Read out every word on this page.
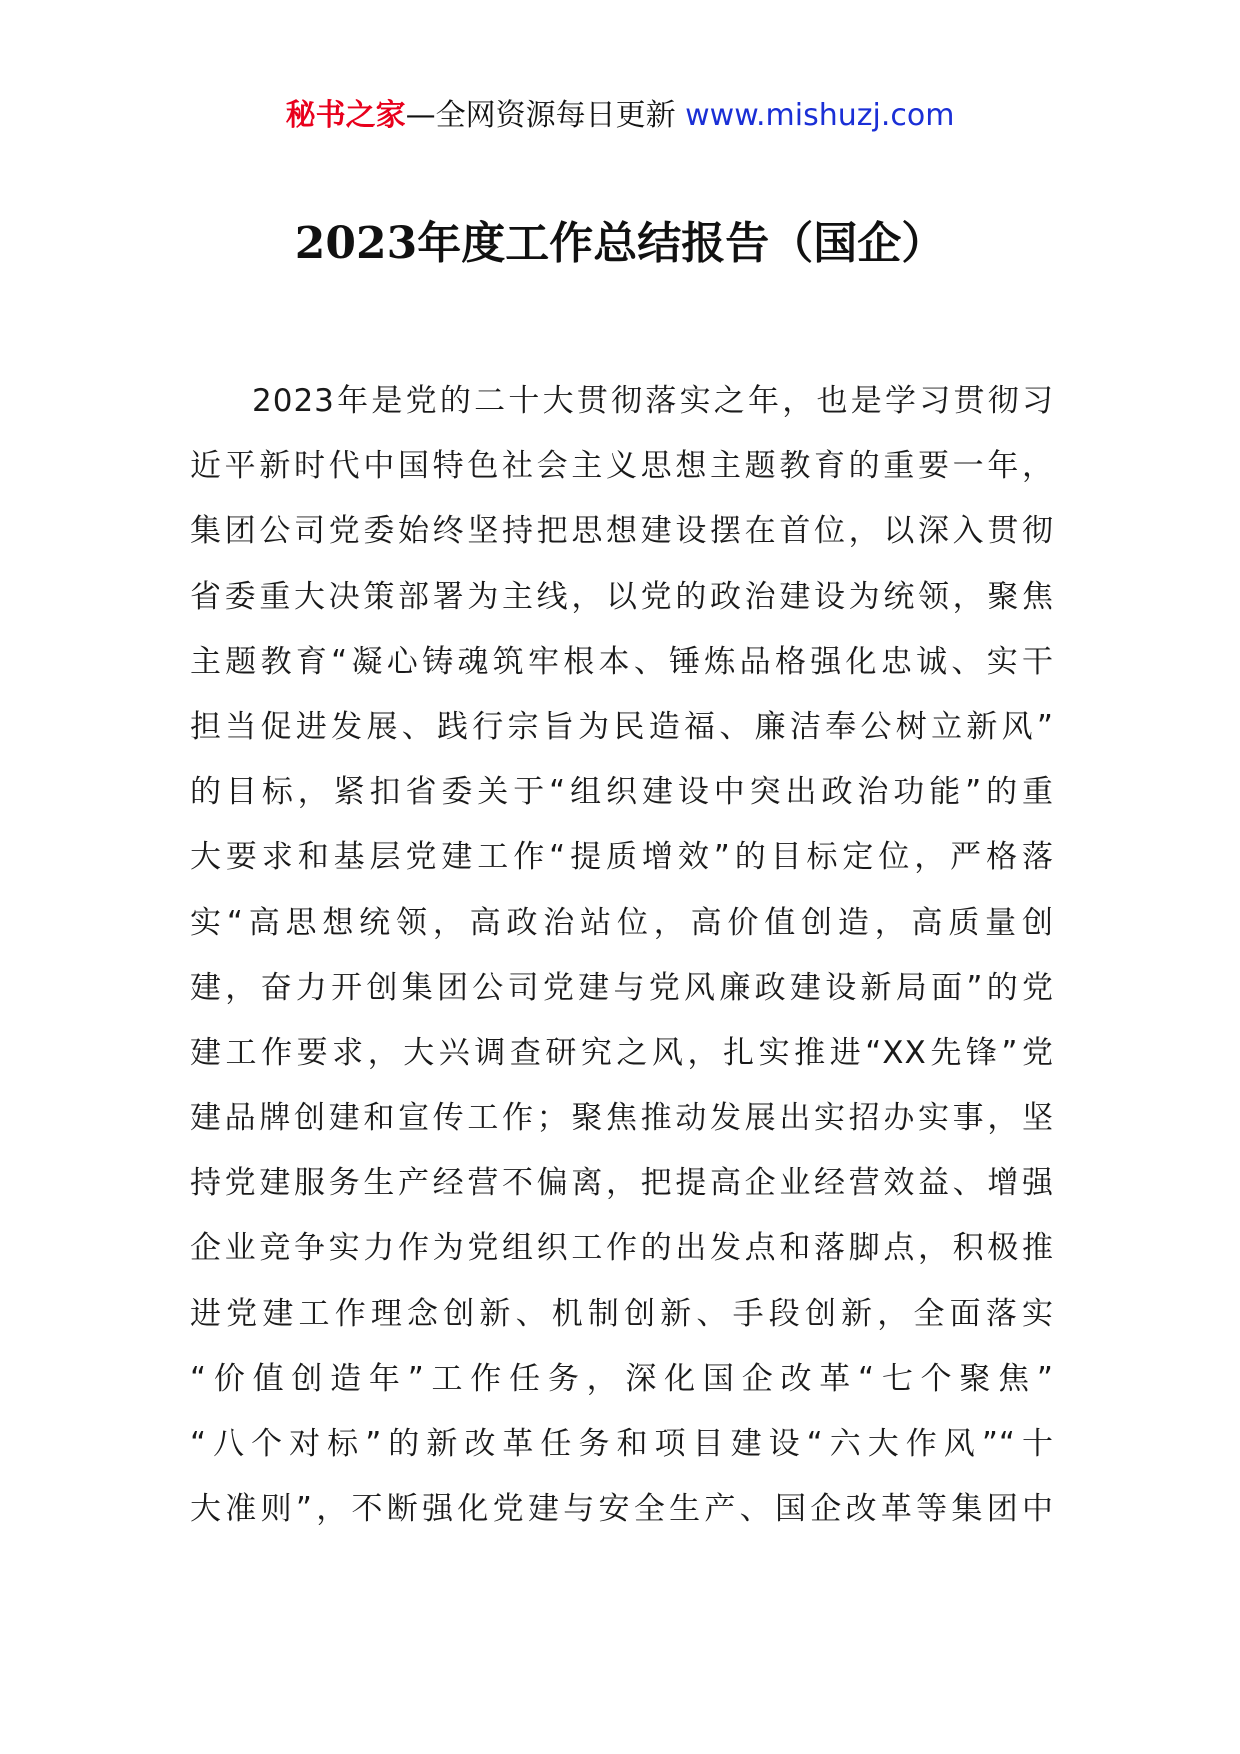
秘书之家—全网资源每日更新 www.mishuzj.com
2023年度工作总结报告（国企）
2023年是党的二十大贯彻落实之年，也是学习贯彻习
近平新时代中国特色社会主义思想主题教育的重要一年，
集团公司党委始终坚持把思想建设摆在首位，以深入贯彻
省委重大决策部署为主线，以党的政治建设为统领，聚焦
主题教育“凝心铸魂筑牢根本、锤炼品格强化忠诚、实干
担当促进发展、践行宗旨为民造福、廉洁奉公树立新风”
的目标，紧扣省委关于“组织建设中突出政治功能”的重
大要求和基层党建工作“提质增效”的目标定位，严格落
实“高思想统领，高政治站位，高价值创造，高质量创
建，奋力开创集团公司党建与党风廉政建设新局面”的党
建工作要求，大兴调查研究之风，扎实推进“XX先锋”党
建品牌创建和宣传工作；聚焦推动发展出实招办实事，坚
持党建服务生产经营不偏离，把提高企业经营效益、增强
企业竞争实力作为党组织工作的出发点和落脚点，积极推
进党建工作理念创新、机制创新、手段创新，全面落实
“价值创造年”工作任务，深化国企改革“七个聚焦”
“八个对标”的新改革任务和项目建设“六大作风”“十
大准则”，不断强化党建与安全生产、国企改革等集团中
